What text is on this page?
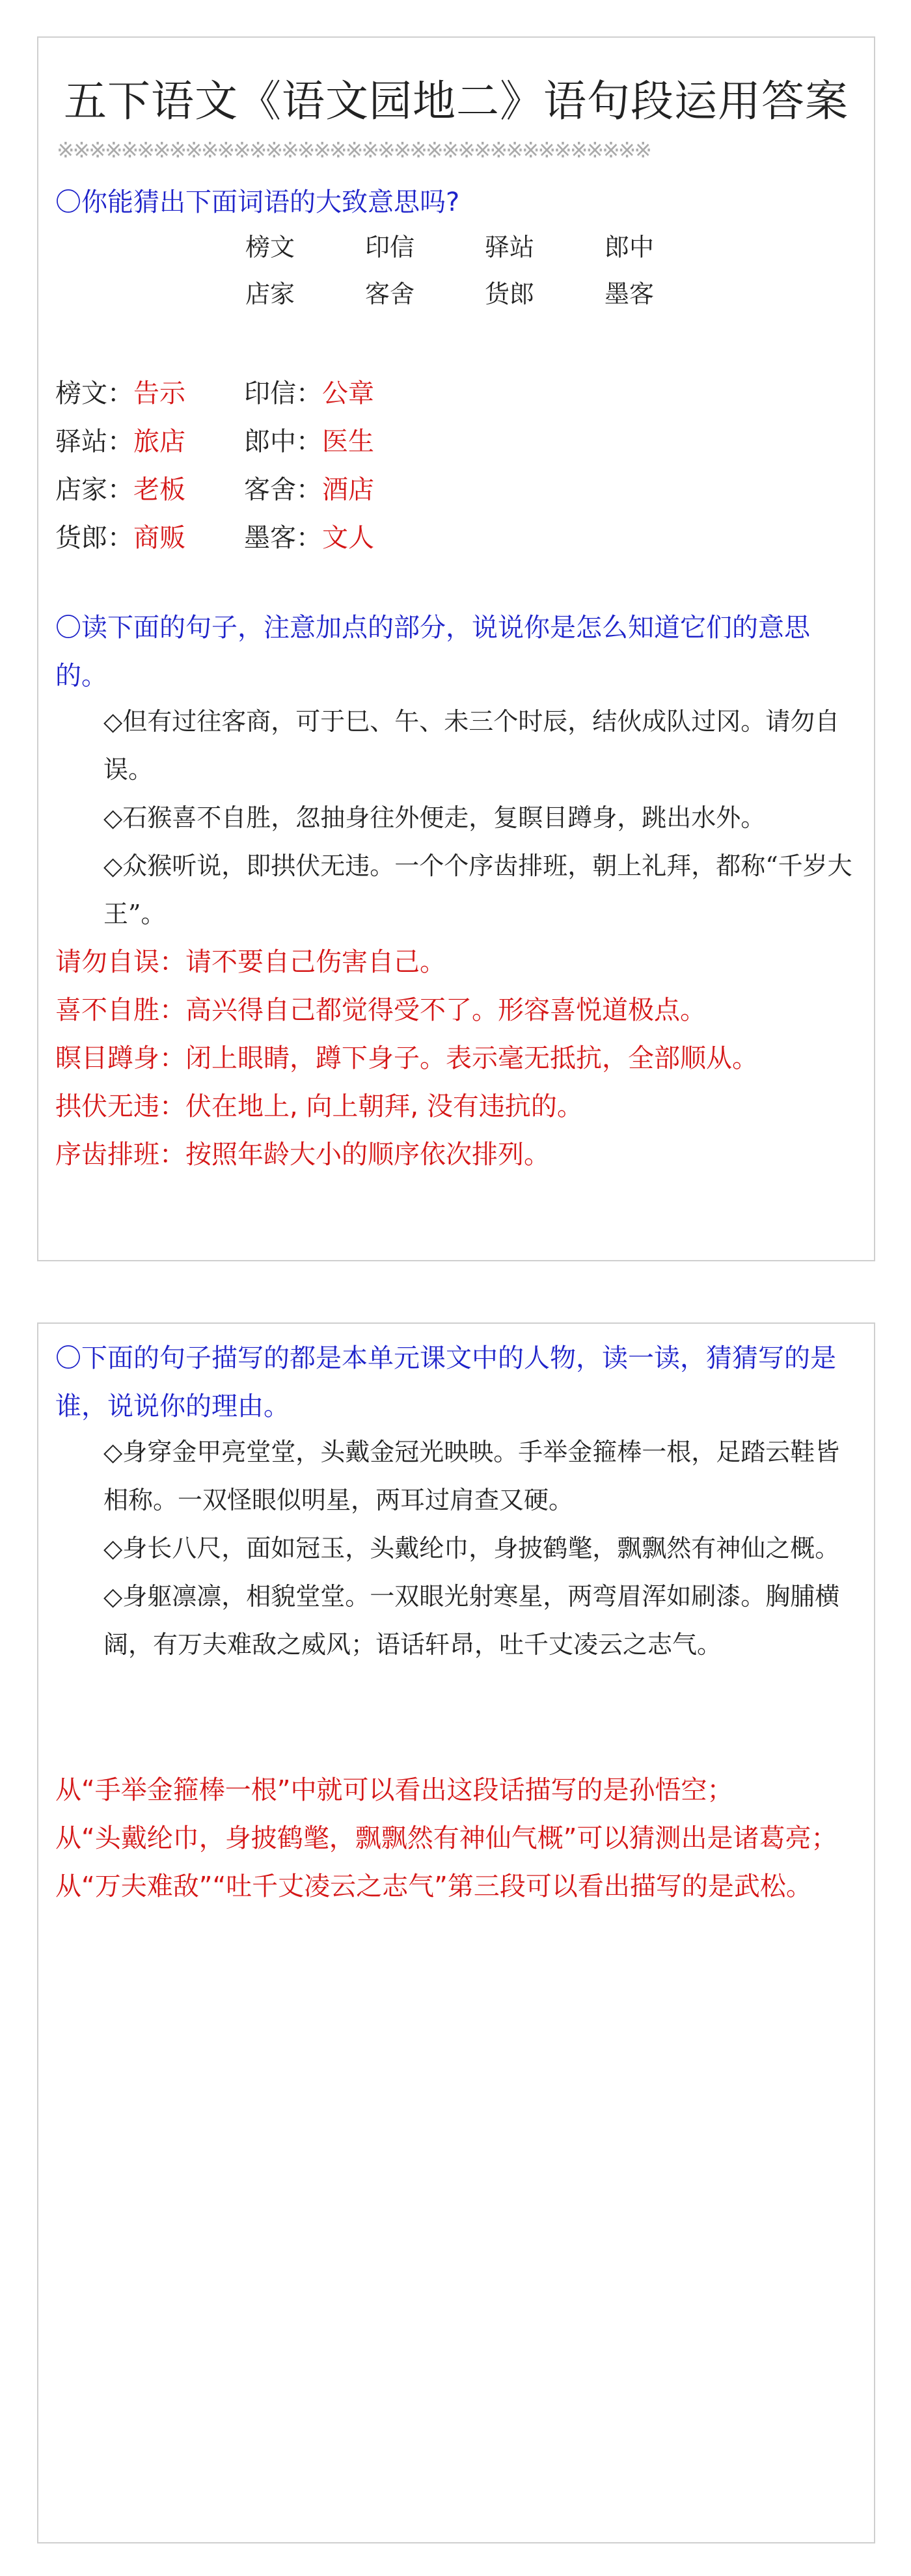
五下语文《语文园地二》语句段运用答案
※※※※※※※※※※※※※※※※※※※※※※※※※※※※※※※※※※※※※
〇你能猜出下面词语的大致意思吗?
榜文	印信	驿站	郎中
店家	客舍	货郎	墨客
榜文：告示 印信：公章
驿站：旅店 郎中：医生
店家：老板 客舍：酒店
货郎：商贩 墨客：文人
〇读下面的句子，注意加点的部分，说说你是怎么知道它们的意思的。

◇但有过往客商，可于巳、午、未三个时辰，结伙成队过冈。请勿自误。

◇石猴喜不自胜，忽抽身往外便走，复瞑目蹲身，跳出水外。

◇众猴听说，即拱伏无违。一个个序齿排班，朝上礼拜，都称“千岁大王”。

请勿自误：请不要自己伤害自己。

喜不自胜：高兴得自己都觉得受不了。形容喜悦道极点。

瞑目蹲身：闭上眼睛，蹲下身子。表示毫无抵抗，全部顺从。

拱伏无违：伏在地上, 向上朝拜, 没有违抗的。

序齿排班：按照年龄大小的顺序依次排列。

〇下面的句子描写的都是本单元课文中的人物，读一读，猜猜写的是谁，说说你的理由。

◇身穿金甲亮堂堂，头戴金冠光映映。手举金箍棒一根，足踏云鞋皆相称。一双怪眼似明星，两耳过肩查又硬。

◇身长八尺，面如冠玉，头戴纶巾，身披鹤氅，飘飘然有神仙之概。

◇身躯凛凛，相貌堂堂。一双眼光射寒星，两弯眉浑如刷漆。胸脯横阔，有万夫难敌之威风；语话轩昂，吐千丈凌云之志气。

从“手举金箍棒一根”中就可以看出这段话描写的是孙悟空；

从“头戴纶巾，身披鹤氅，飘飘然有神仙气概”可以猜测出是诸葛亮；

从“万夫难敌”“吐千丈凌云之志气”第三段可以看出描写的是武松。
